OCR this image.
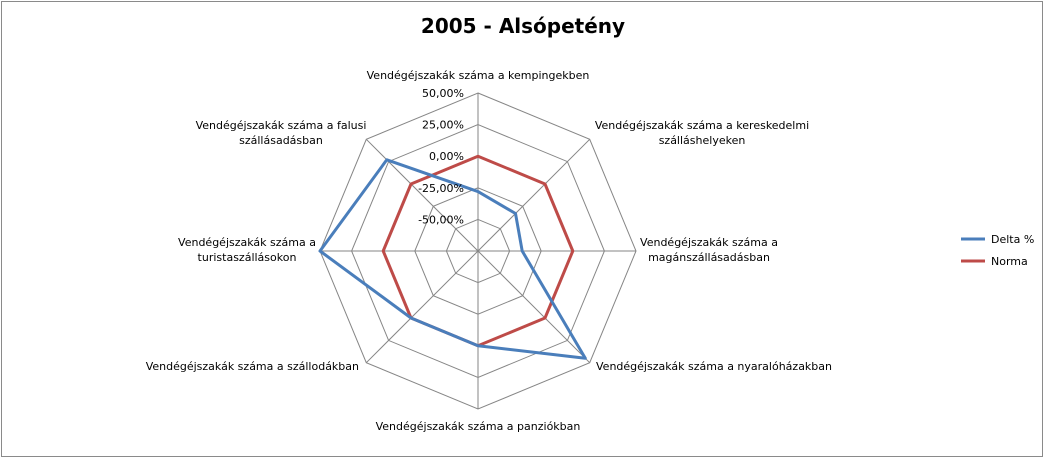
2005 - Alsópetény
Vendégéjszakák száma a kempingekben
Vendégéjszakák száma a kereskedelmi
szálláshelyeken
Vendégéjszakák száma a
magánszállásadásban
Vendégéjszakák száma a nyaralóházakban
Vendégéjszakák száma a panziókban
Vendégéjszakák száma a szállodákban
Vendégéjszakák száma a
turistaszállásokon
Vendégéjszakák száma a falusi
szállásadásban
-50,00%
-25,00%
0,00%
25,00%
50,00%
Delta %
Norma
